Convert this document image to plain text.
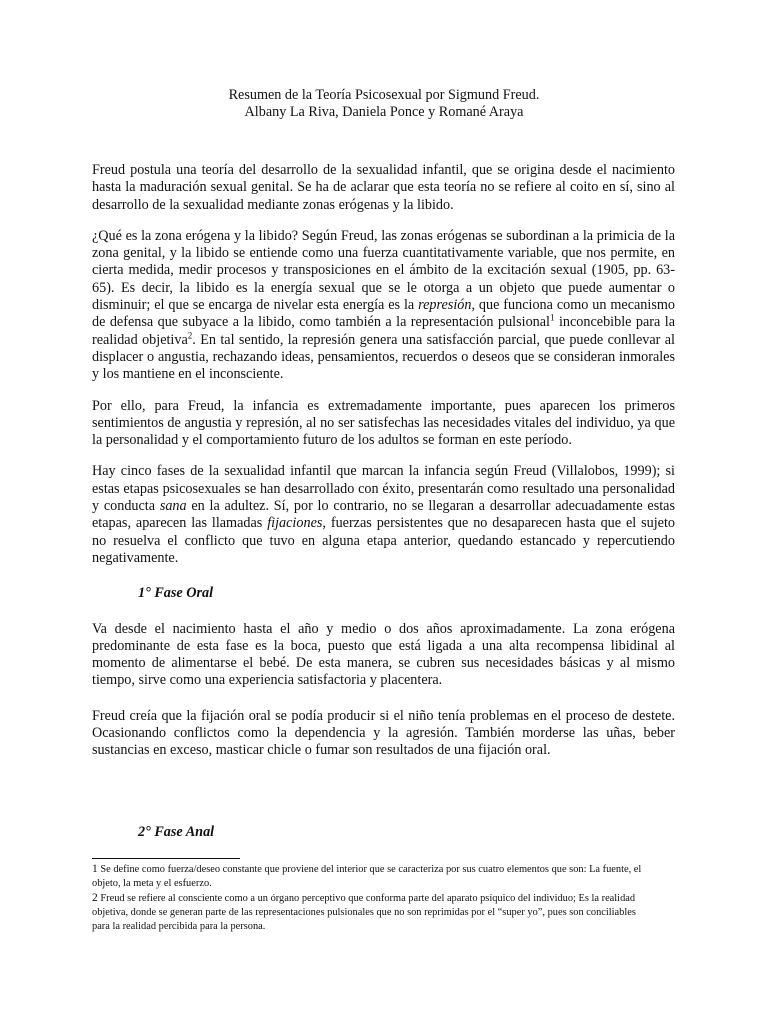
Resumen de la Teoría Psicosexual por Sigmund Freud.
Albany La Riva, Daniela Ponce y Romané Araya

Freud postula una teoría del desarrollo de la sexualidad infantil, que se origina desde el nacimiento hasta la maduración sexual genital. Se ha de aclarar que esta teoría no se refiere al coito en sí, sino al desarrollo de la sexualidad mediante zonas erógenas y la libido.

¿Qué es la zona erógena y la libido? Según Freud, las zonas erógenas se subordinan a la primicia de la zona genital, y la libido se entiende como una fuerza cuantitativamente variable, que nos permite, en cierta medida, medir procesos y transposiciones en el ámbito de la excitación sexual (1905, pp. 63-65). Es decir, la libido es la energía sexual que se le otorga a un objeto que puede aumentar o disminuir; el que se encarga de nivelar esta energía es la represión, que funciona como un mecanismo de defensa que subyace a la libido, como también a la representación pulsional$^1$ inconcebible para la realidad objetiva$^2$. En tal sentido, la represión genera una satisfacción parcial, que puede conllevar al displacer o angustia, rechazando ideas, pensamientos, recuerdos o deseos que se consideran inmorales y los mantiene en el inconsciente.

Por ello, para Freud, la infancia es extremadamente importante, pues aparecen los primeros sentimientos de angustia y represión, al no ser satisfechas las necesidades vitales del individuo, ya que la personalidad y el comportamiento futuro de los adultos se forman en este período.

Hay cinco fases de la sexualidad infantil que marcan la infancia según Freud (Villalobos, 1999); si estas etapas psicosexuales se han desarrollado con éxito, presentarán como resultado una personalidad y conducta sana en la adultez. Sí, por lo contrario, no se llegaran a desarrollar adecuadamente estas etapas, aparecen las llamadas fijaciones, fuerzas persistentes que no desaparecen hasta que el sujeto no resuelva el conflicto que tuvo en alguna etapa anterior, quedando estancado y repercutiendo negativamente.

1° Fase Oral

Va desde el nacimiento hasta el año y medio o dos años aproximadamente. La zona erógena predominante de esta fase es la boca, puesto que está ligada a una alta recompensa libidinal al momento de alimentarse el bebé. De esta manera, se cubren sus necesidades básicas y al mismo tiempo, sirve como una experiencia satisfactoria y placentera.

Freud creía que la fijación oral se podía producir si el niño tenía problemas en el proceso de destete. Ocasionando conflictos como la dependencia y la agresión. También morderse las uñas, beber sustancias en exceso, masticar chicle o fumar son resultados de una fijación oral.

2° Fase Anal

1 Se define como fuerza/deseo constante que proviene del interior que se caracteriza por sus cuatro elementos que son: La fuente, el objeto, la meta y el esfuerzo.

2 Freud se refiere al consciente como a un órgano perceptivo que conforma parte del aparato psíquico del individuo; Es la realidad objetiva, donde se generan parte de las representaciones pulsionales que no son reprimidas por el “super yo”, pues son conciliables para la realidad percibida para la persona.
